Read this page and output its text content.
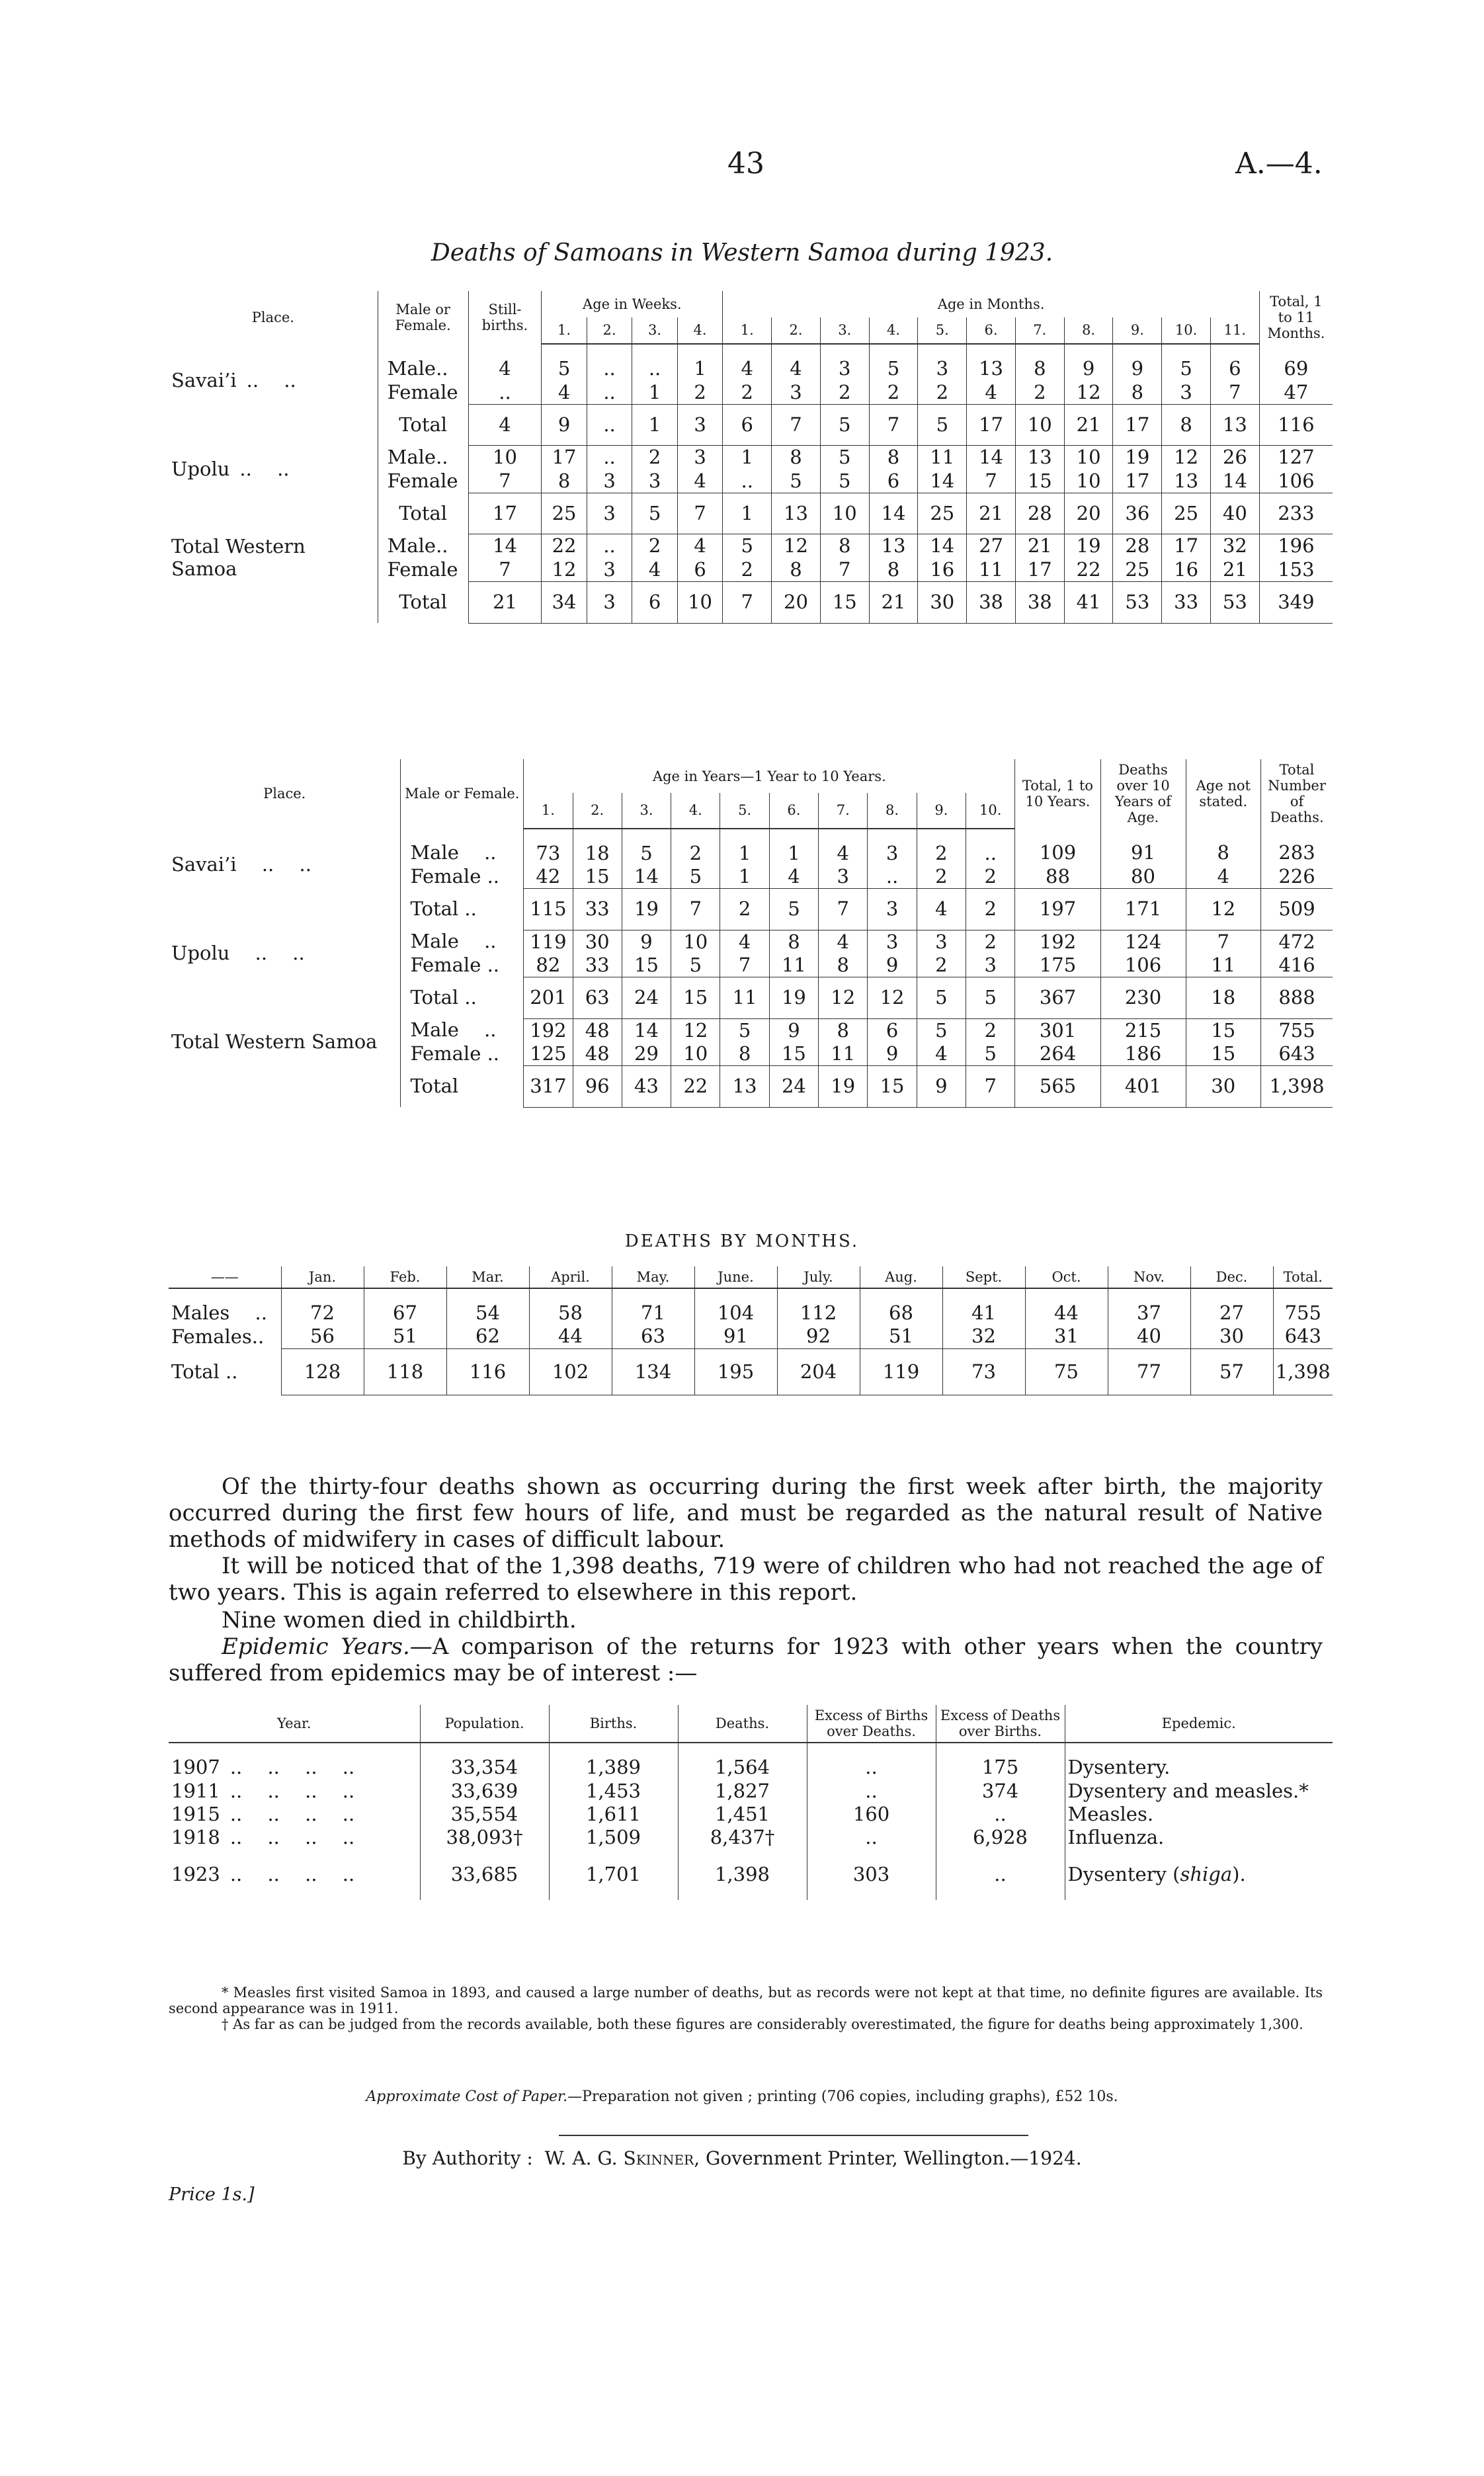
43	A.—4.
Deaths of Samoans in Western Samoa during 1923.
Place.	Male or Female.	Still-births.	Age in Weeks.				Age in Months.											Total, 1 to 11 Months.
			1.	2.	3.	4.	1.	2.	3.	4.	5.	6.	7.	8.	9.	10.	11.	
Savai’i  ..  ..	Male..	4	5	..	..	1	4	4	3	5	3	13	8	9	9	5	6	69
	Female	..	4	..	1	2	2	3	2	2	2	4	2	12	8	3	7	47
	Total	4	9	..	1	3	6	7	5	7	5	17	10	21	17	8	13	116
Upolu  ..  ..	Male..	10	17	..	2	3	1	8	5	8	11	14	13	10	19	12	26	127
	Female	7	8	3	3	4	..	5	5	6	14	7	15	10	17	13	14	106
	Total	17	25	3	5	7	1	13	10	14	25	21	28	20	36	25	40	233
Total Western Samoa	Male..	14	22	..	2	4	5	12	8	13	14	27	21	19	28	17	32	196
	Female	7	12	3	4	6	2	8	7	8	16	11	17	22	25	16	21	153
	Total	21	34	3	6	10	7	20	15	21	30	38	38	41	53	33	53	349
Place.	Male or Female.	Age in Years—1 Year to 10 Years.										Total, 1 to 10 Years.	Deaths over 10 Years of Age.	Age not stated.	Total Number of Deaths.
		1.	2.	3.	4.	5.	6.	7.	8.	9.	10.				
Savai’i  ..  ..	Male  ..	73	18	5	2	1	1	4	3	2	..	109	91	8	283
	Female ..	42	15	14	5	1	4	3	..	2	2	88	80	4	226
	Total ..	115	33	19	7	2	5	7	3	4	2	197	171	12	509
Upolu  ..  ..	Male  ..	119	30	9	10	4	8	4	3	3	2	192	124	7	472
	Female ..	82	33	15	5	7	11	8	9	2	3	175	106	11	416
	Total ..	201	63	24	15	11	19	12	12	5	5	367	230	18	888
Total Western Samoa	Male  ..	192	48	14	12	5	9	8	6	5	2	301	215	15	755
	Female ..	125	48	29	10	8	15	11	9	4	5	264	186	15	643
	Total	317	96	43	22	13	24	19	15	9	7	565	401	30	1,398
DEATHS BY MONTHS.
——	Jan.	Feb.	Mar.	April.	May.	June.	July.	Aug.	Sept.	Oct.	Nov.	Dec.	Total.
Males  ..	72	67	54	58	71	104	112	68	41	44	37	27	755
Females..	56	51	62	44	63	91	92	51	32	31	40	30	643
Total ..	128	118	116	102	134	195	204	119	73	75	77	57	1,398
Of the thirty-four deaths shown as occurring during the first week after birth, the majority occurred during the first few hours of life, and must be regarded as the natural result of Native methods of midwifery in cases of difficult labour.
It will be noticed that of the 1,398 deaths, 719 were of children who had not reached the age of two years. This is again referred to elsewhere in this report.
Nine women died in childbirth.
Epidemic Years.—A comparison of the returns for 1923 with other years when the country suffered from epidemics may be of interest :—
Year.	Population.	Births.	Deaths.	Excess of Births over Deaths.	Excess of Deaths over Births.	Epedemic.
1907  ..  ..  ..  ..	33,354	1,389	1,564	..	175	Dysentery.
1911  ..  ..  ..  ..	33,639	1,453	1,827	..	374	Dysentery and measles.*
1915  ..  ..  ..  ..	35,554	1,611	1,451	160	..	Measles.
1918  ..  ..  ..  ..	38,093†	1,509	8,437†	..	6,928	Influenza.
1923  ..  ..  ..  ..	33,685	1,701	1,398	303	..	Dysentery (shiga).
* Measles first visited Samoa in 1893, and caused a large number of deaths, but as records were not kept at that time, no definite figures are available. Its second appearance was in 1911.
† As far as can be judged from the records available, both these figures are considerably overestimated, the figure for deaths being approximately 1,300.
Approximate Cost of Paper.—Preparation not given ; printing (706 copies, including graphs), £52 10s.
By Authority : W. A. G. Skinner, Government Printer, Wellington.—1924.
Price 1s.]
